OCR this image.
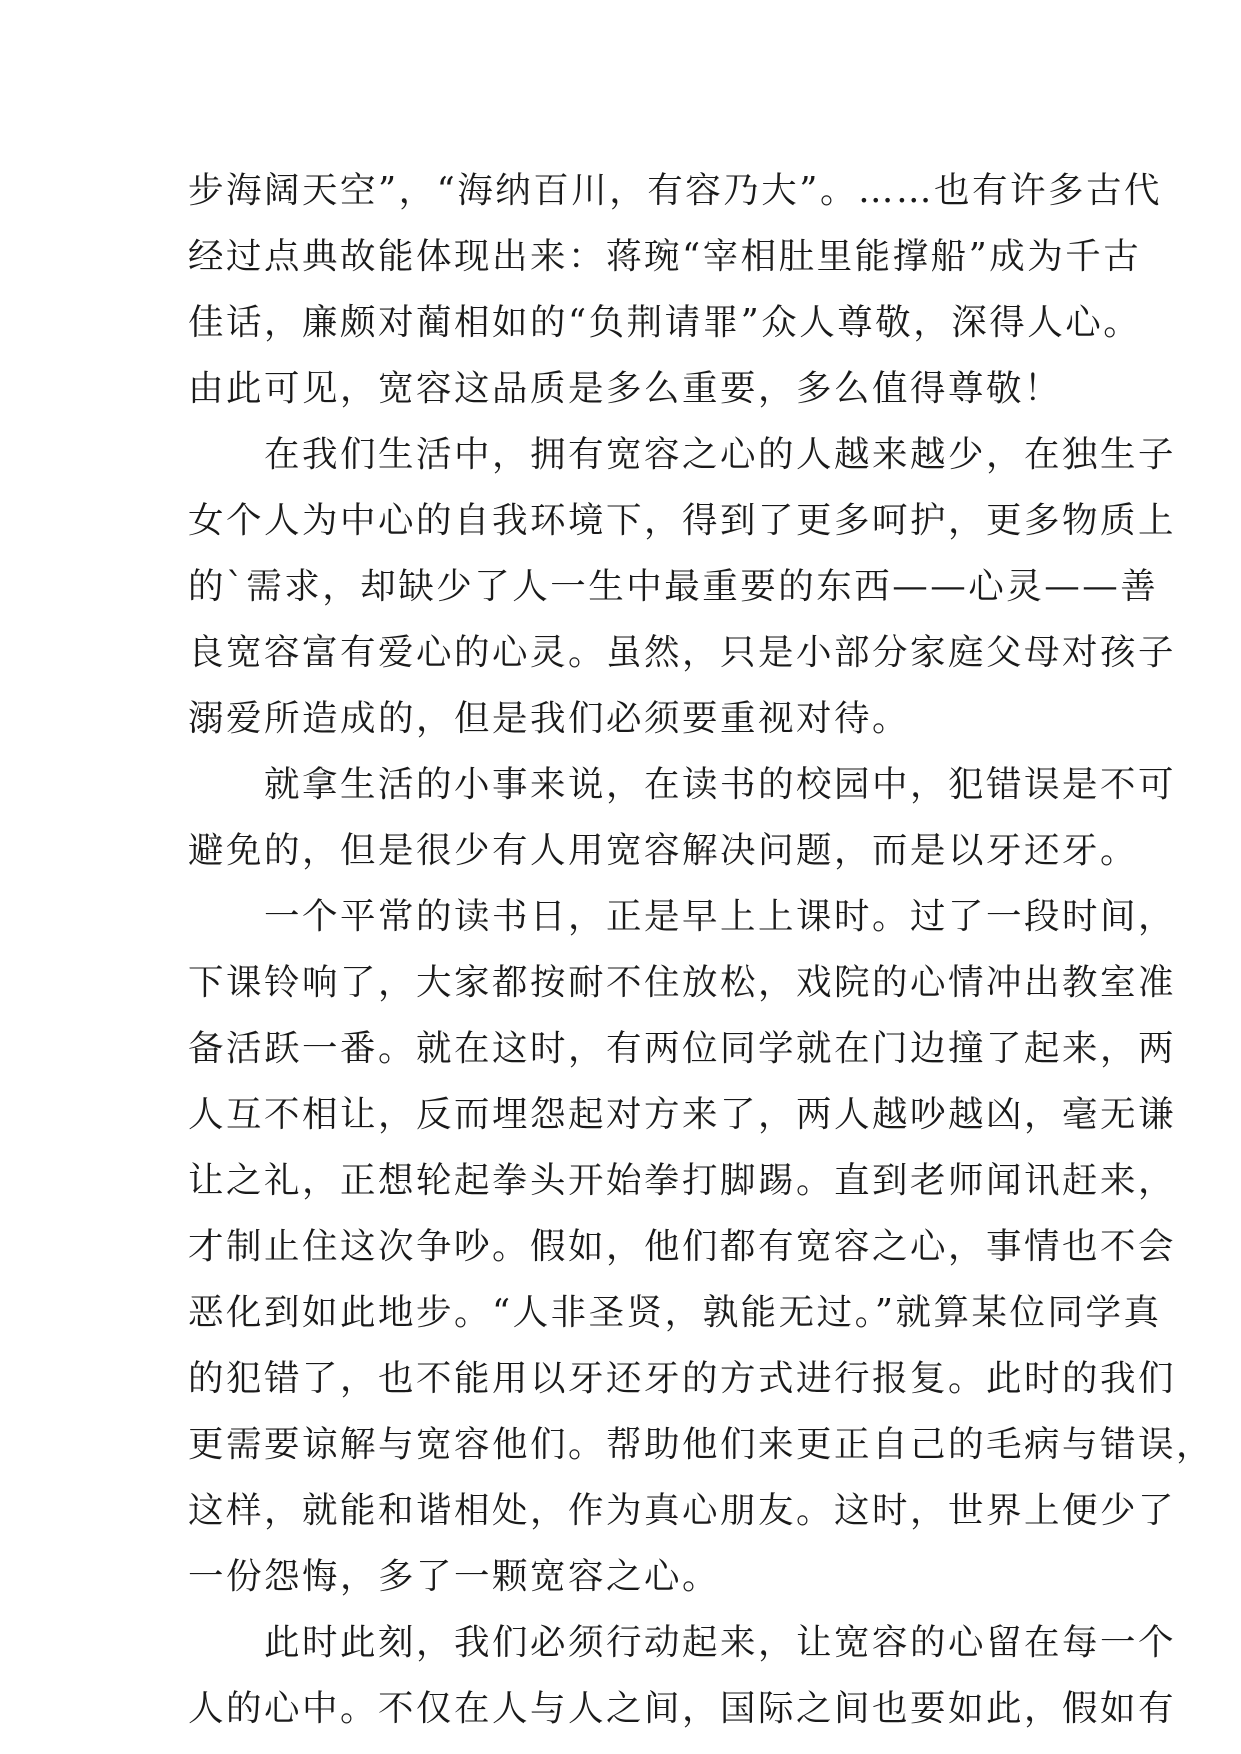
步海阔天空”，“海纳百川，有容乃大”。……也有许多古代
经过点典故能体现出来：蒋琬“宰相肚里能撑船”成为千古
佳话，廉颇对蔺相如的“负荆请罪”众人尊敬，深得人心。
由此可见，宽容这品质是多么重要，多么值得尊敬！
　　在我们生活中，拥有宽容之心的人越来越少，在独生子
女个人为中心的自我环境下，得到了更多呵护，更多物质上
的`需求，却缺少了人一生中最重要的东西——心灵——善
良宽容富有爱心的心灵。虽然，只是小部分家庭父母对孩子
溺爱所造成的，但是我们必须要重视对待。
　　就拿生活的小事来说，在读书的校园中，犯错误是不可
避免的，但是很少有人用宽容解决问题，而是以牙还牙。
　　一个平常的读书日，正是早上上课时。过了一段时间，
下课铃响了，大家都按耐不住放松，戏院的心情冲出教室准
备活跃一番。就在这时，有两位同学就在门边撞了起来，两
人互不相让，反而埋怨起对方来了，两人越吵越凶，毫无谦
让之礼，正想轮起拳头开始拳打脚踢。直到老师闻讯赶来，
才制止住这次争吵。假如，他们都有宽容之心，事情也不会
恶化到如此地步。“人非圣贤，孰能无过。”就算某位同学真
的犯错了，也不能用以牙还牙的方式进行报复。此时的我们
更需要谅解与宽容他们。帮助他们来更正自己的毛病与错误，
这样，就能和谐相处，作为真心朋友。这时，世界上便少了
一份怨悔，多了一颗宽容之心。
　　此时此刻，我们必须行动起来，让宽容的心留在每一个
人的心中。不仅在人与人之间，国际之间也要如此，假如有
